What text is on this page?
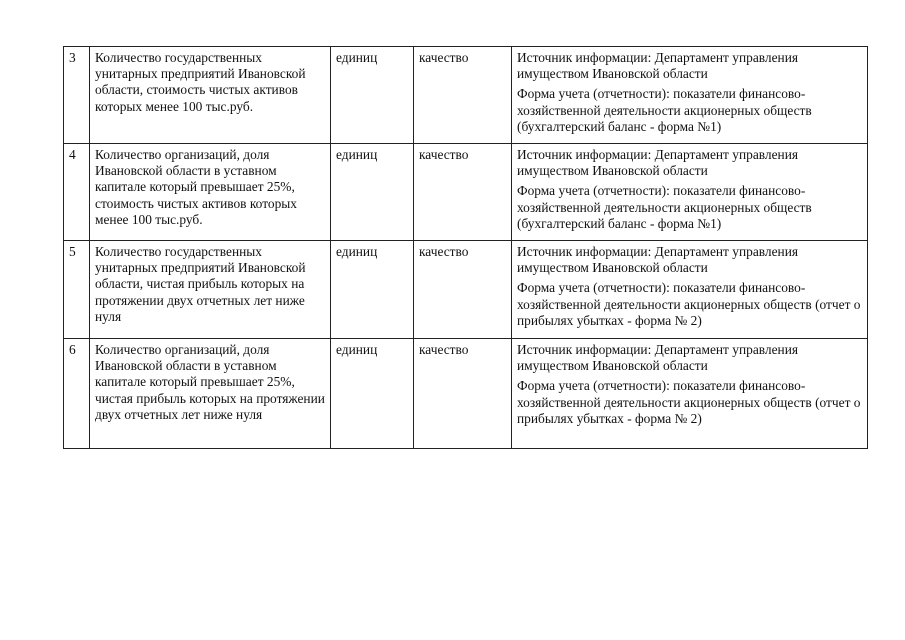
3	Количество государственных унитарных предприятий Ивановской области, стоимость чистых активов которых менее 100 тыс.руб.	единиц	качество	Источник информации: Департамент управления имуществом Ивановской области
Форма учета (отчетности): показатели финансово-хозяйственной деятельности акционерных обществ (бухгалтерский баланс - форма №1)

4	Количество организаций, доля Ивановской области в уставном капитале который превышает 25%, стоимость чистых активов которых менее 100 тыс.руб.	единиц	качество	Источник информации: Департамент управления имуществом Ивановской области
Форма учета (отчетности): показатели финансово-хозяйственной деятельности акционерных обществ (бухгалтерский баланс - форма №1)

5	Количество государственных унитарных предприятий Ивановской области, чистая прибыль которых на протяжении двух отчетных лет ниже нуля	единиц	качество	Источник информации: Департамент управления имуществом Ивановской области
Форма учета (отчетности): показатели финансово-хозяйственной деятельности акционерных обществ (отчет о прибылях убытках - форма № 2)

6	Количество организаций, доля Ивановской области в уставном капитале который превышает 25%, чистая прибыль которых на протяжении двух отчетных лет ниже нуля	единиц	качество	Источник информации: Департамент управления имуществом Ивановской области
Форма учета (отчетности): показатели финансово-хозяйственной деятельности акционерных обществ (отчет о прибылях убытках - форма № 2)
